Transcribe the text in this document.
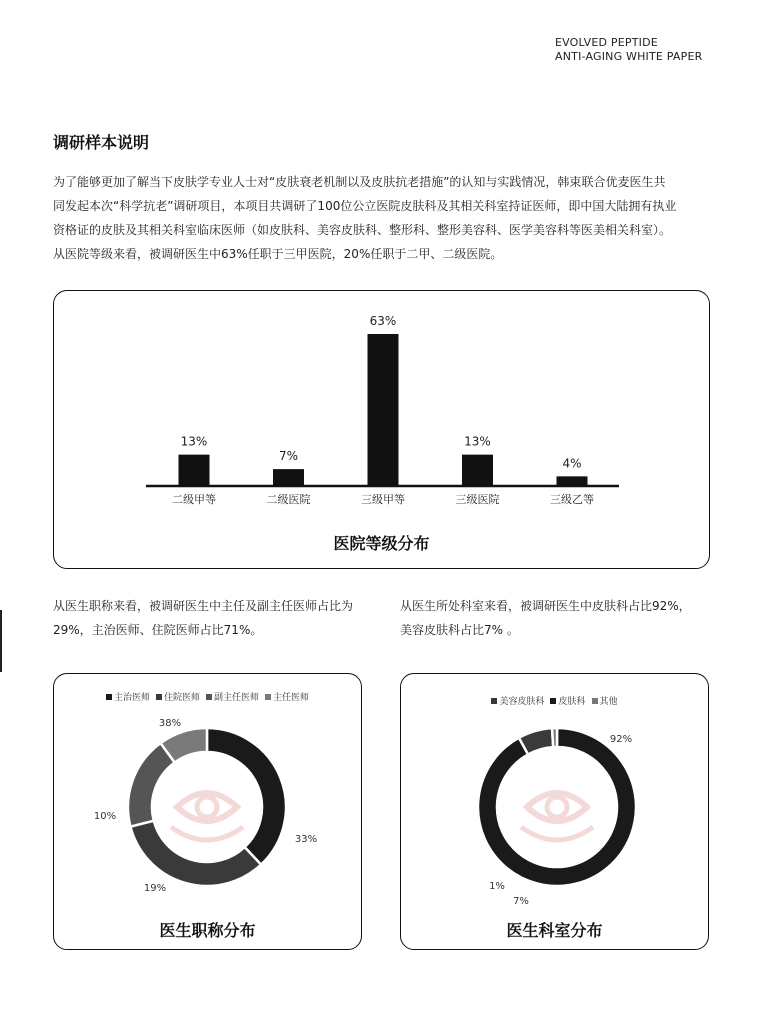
EVOLVED PEPTIDE
ANTI-AGING WHITE PAPER
调研样本说明

为了能够更加了解当下皮肤学专业人士对“皮肤衰老机制以及皮肤抗老措施”的认知与实践情况，韩束联合优麦医生共

同发起本次“科学抗老”调研项目，本项目共调研了100位公立医院皮肤科及其相关科室持证医师，即中国大陆拥有执业

资格证的皮肤及其相关科室临床医师（如皮肤科、美容皮肤科、整形科、整形美容科、医学美容科等医美相关科室）。

从医院等级来看，被调研医生中63%任职于三甲医院，20%任职于二甲、二级医院。

13%
二级甲等
7%
二级医院
63%
三级甲等
13%
三级医院
4%
三级乙等
医院等级分布

从医生职称来看，被调研医生中主任及副主任医师占比为

29%，主治医师、住院医师占比71%。

从医生所处科室来看，被调研医生中皮肤科占比92%，

美容皮肤科占比7% 。

主治医师 住院医师 副主任医师 主任医师
38%
33%
19%
10%
医生职称分布
美容皮肤科 皮肤科 其他
92%
7%
1%
医生科室分布
